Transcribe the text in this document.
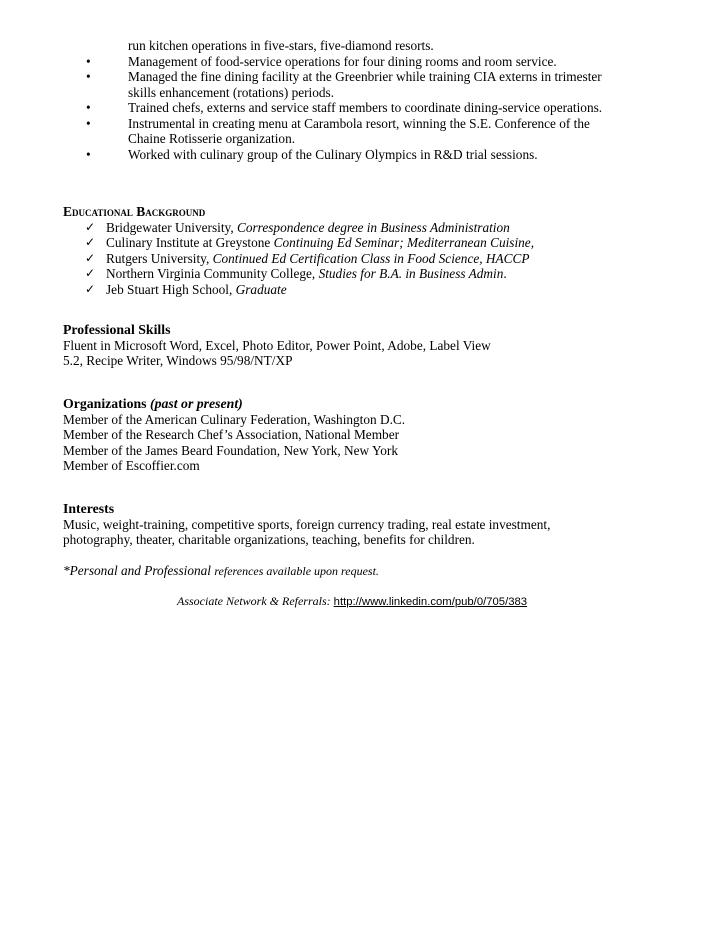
run kitchen operations in five-stars, five-diamond resorts.
•	Management of food-service operations for four dining rooms and room service.
•	Managed the fine dining facility at the Greenbrier while training CIA externs in trimester
skills enhancement (rotations) periods.
•	Trained chefs, externs and service staff members to coordinate dining-service operations.
•	Instrumental in creating menu at Carambola resort, winning the S.E. Conference of the
Chaine Rotisserie organization.
•	Worked with culinary group of the Culinary Olympics in R&D trial sessions.
Educational Background
✓ Bridgewater University, Correspondence degree in Business Administration
✓ Culinary Institute at Greystone Continuing Ed Seminar; Mediterranean Cuisine,
✓ Rutgers University, Continued Ed Certification Class in Food Science, HACCP
✓ Northern Virginia Community College, Studies for B.A. in Business Admin.
✓ Jeb Stuart High School, Graduate
Professional Skills
Fluent in Microsoft Word, Excel, Photo Editor, Power Point, Adobe, Label View
5.2, Recipe Writer, Windows 95/98/NT/XP
Organizations (past or present)
Member of the American Culinary Federation, Washington D.C.
Member of the Research Chef’s Association, National Member
Member of the James Beard Foundation, New York, New York
Member of Escoffier.com
Interests
Music, weight-training, competitive sports, foreign currency trading, real estate investment,
photography, theater, charitable organizations, teaching, benefits for children.
*Personal and Professional references available upon request.
Associate Network & Referrals: http://www.linkedin.com/pub/0/705/383
